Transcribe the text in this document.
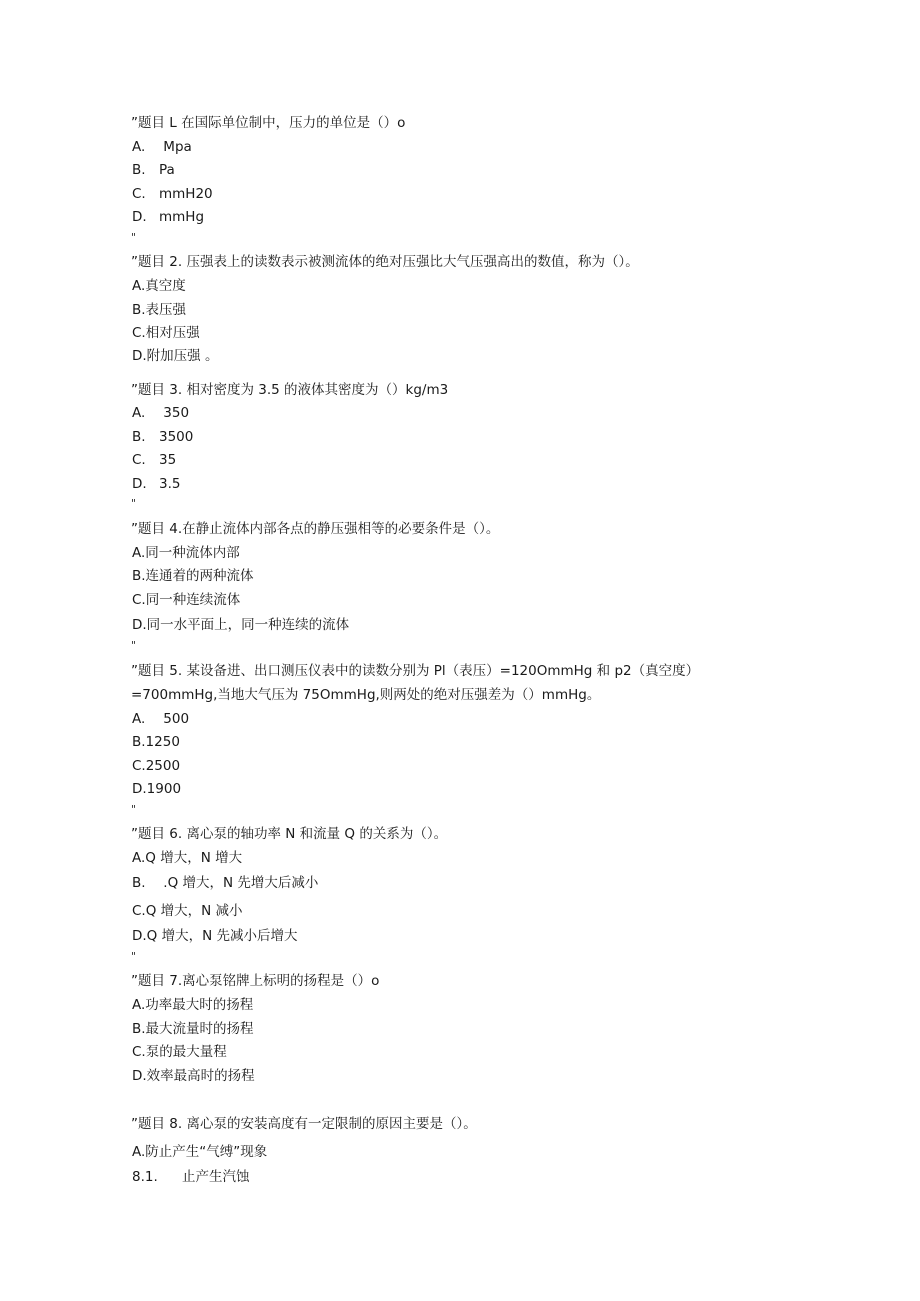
”题目 L 在国际单位制中，压力的单位是（）o
A. Mpa
B. Pa
C. mmH20
D. mmHg
"
”题目 2. 压强表上的读数表示被测流体的绝对压强比大气压强高出的数值，称为（）。
A.真空度
B.表压强
C.相对压强
D.附加压强 。
”题目 3. 相对密度为 3.5 的液体其密度为（）kg∕m3
A. 350
B. 3500
C. 35
D. 3.5
"
”题目 4.在静止流体内部各点的静压强相等的必要条件是（）。
A.同一种流体内部
B.连通着的两种流体
C.同一种连续流体
D.同一水平面上，同一种连续的流体
"
”题目 5. 某设备进、出口测压仪表中的读数分别为 Pl（表压）=120OmmHg 和 p2（真空度）
=700mmHg,当地大气压为 75OmmHg,则两处的绝对压强差为（）mmHg。
A. 500
B.1250
C.2500
D.1900
"
”题目 6. 离心泵的轴功率 N 和流量 Q 的关系为（）。
A.Q 增大，N 增大
B. .Q 增大，N 先增大后减小
C.Q 增大，N 减小
D.Q 增大，N 先减小后增大
"
”题目 7.离心泵铭牌上标明的扬程是（）o
A.功率最大时的扬程
B.最大流量时的扬程
C.泵的最大量程
D.效率最高时的扬程
”题目 8. 离心泵的安装高度有一定限制的原因主要是（）。
A.防止产生“气缚”现象
8.1. 止产生汽蚀
